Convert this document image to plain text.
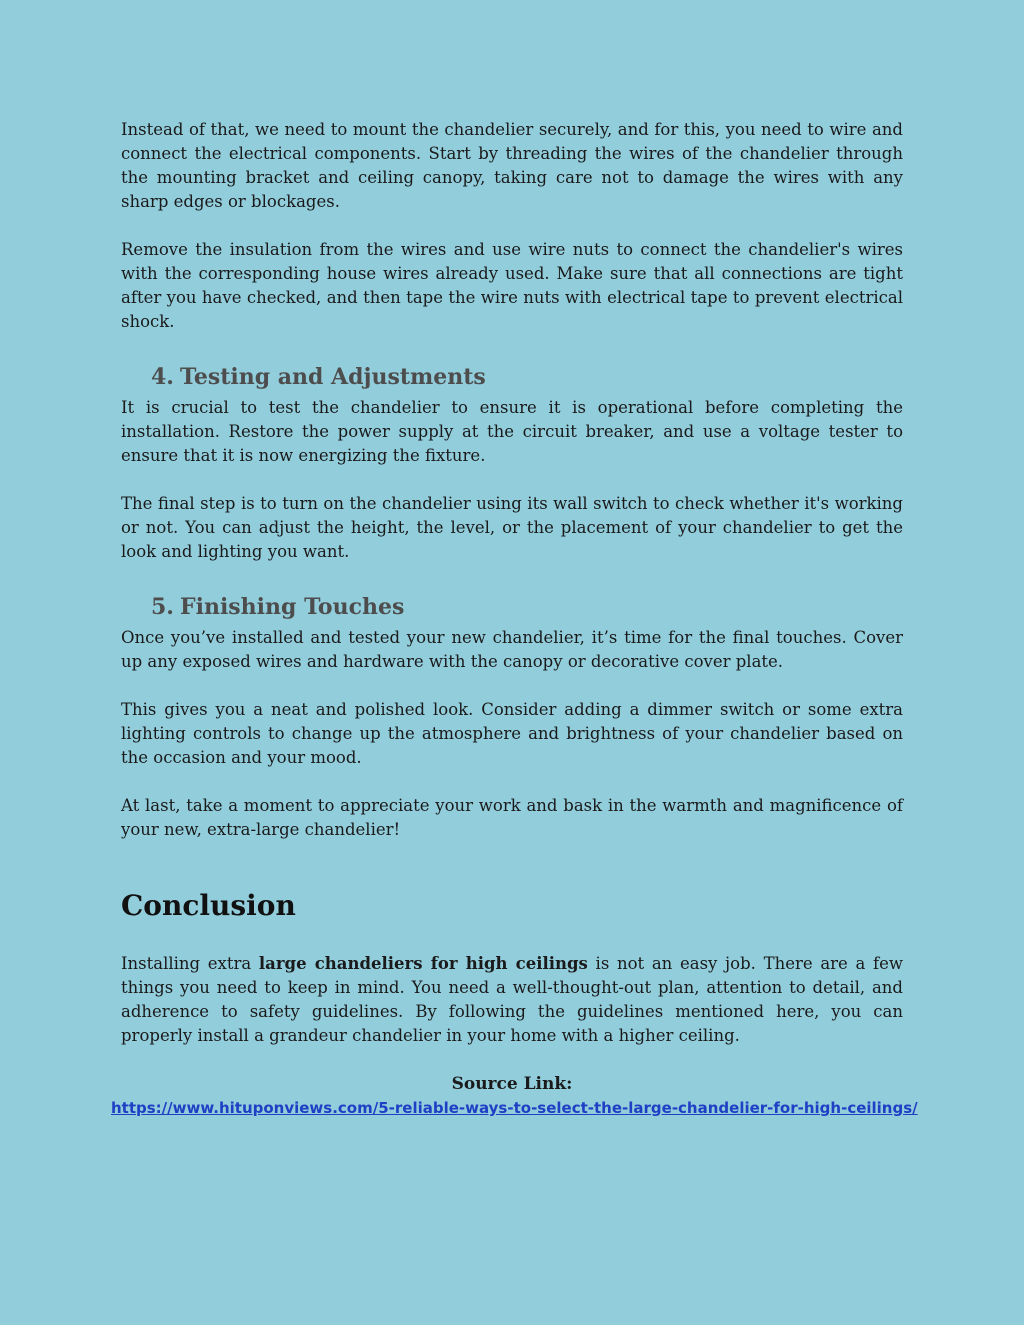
Instead of that, we need to mount the chandelier securely, and for this, you need to wire and connect the electrical components. Start by threading the wires of the chandelier through the mounting bracket and ceiling canopy, taking care not to damage the wires with any sharp edges or blockages.

Remove the insulation from the wires and use wire nuts to connect the chandelier's wires with the corresponding house wires already used. Make sure that all connections are tight after you have checked, and then tape the wire nuts with electrical tape to prevent electrical shock.

4. Testing and Adjustments

It is crucial to test the chandelier to ensure it is operational before completing the installation. Restore the power supply at the circuit breaker, and use a voltage tester to ensure that it is now energizing the fixture.

The final step is to turn on the chandelier using its wall switch to check whether it's working or not. You can adjust the height, the level, or the placement of your chandelier to get the look and lighting you want.

5. Finishing Touches

Once you’ve installed and tested your new chandelier, it’s time for the final touches. Cover up any exposed wires and hardware with the canopy or decorative cover plate.

This gives you a neat and polished look. Consider adding a dimmer switch or some extra lighting controls to change up the atmosphere and brightness of your chandelier based on the occasion and your mood.

At last, take a moment to appreciate your work and bask in the warmth and magnificence of your new, extra-large chandelier!

Conclusion

Installing extra large chandeliers for high ceilings is not an easy job. There are a few things you need to keep in mind. You need a well-thought-out plan, attention to detail, and adherence to safety guidelines. By following the guidelines mentioned here, you can properly install a grandeur chandelier in your home with a higher ceiling.

Source Link:
https://www.hituponviews.com/5-reliable-ways-to-select-the-large-chandelier-for-high-ceilings/
